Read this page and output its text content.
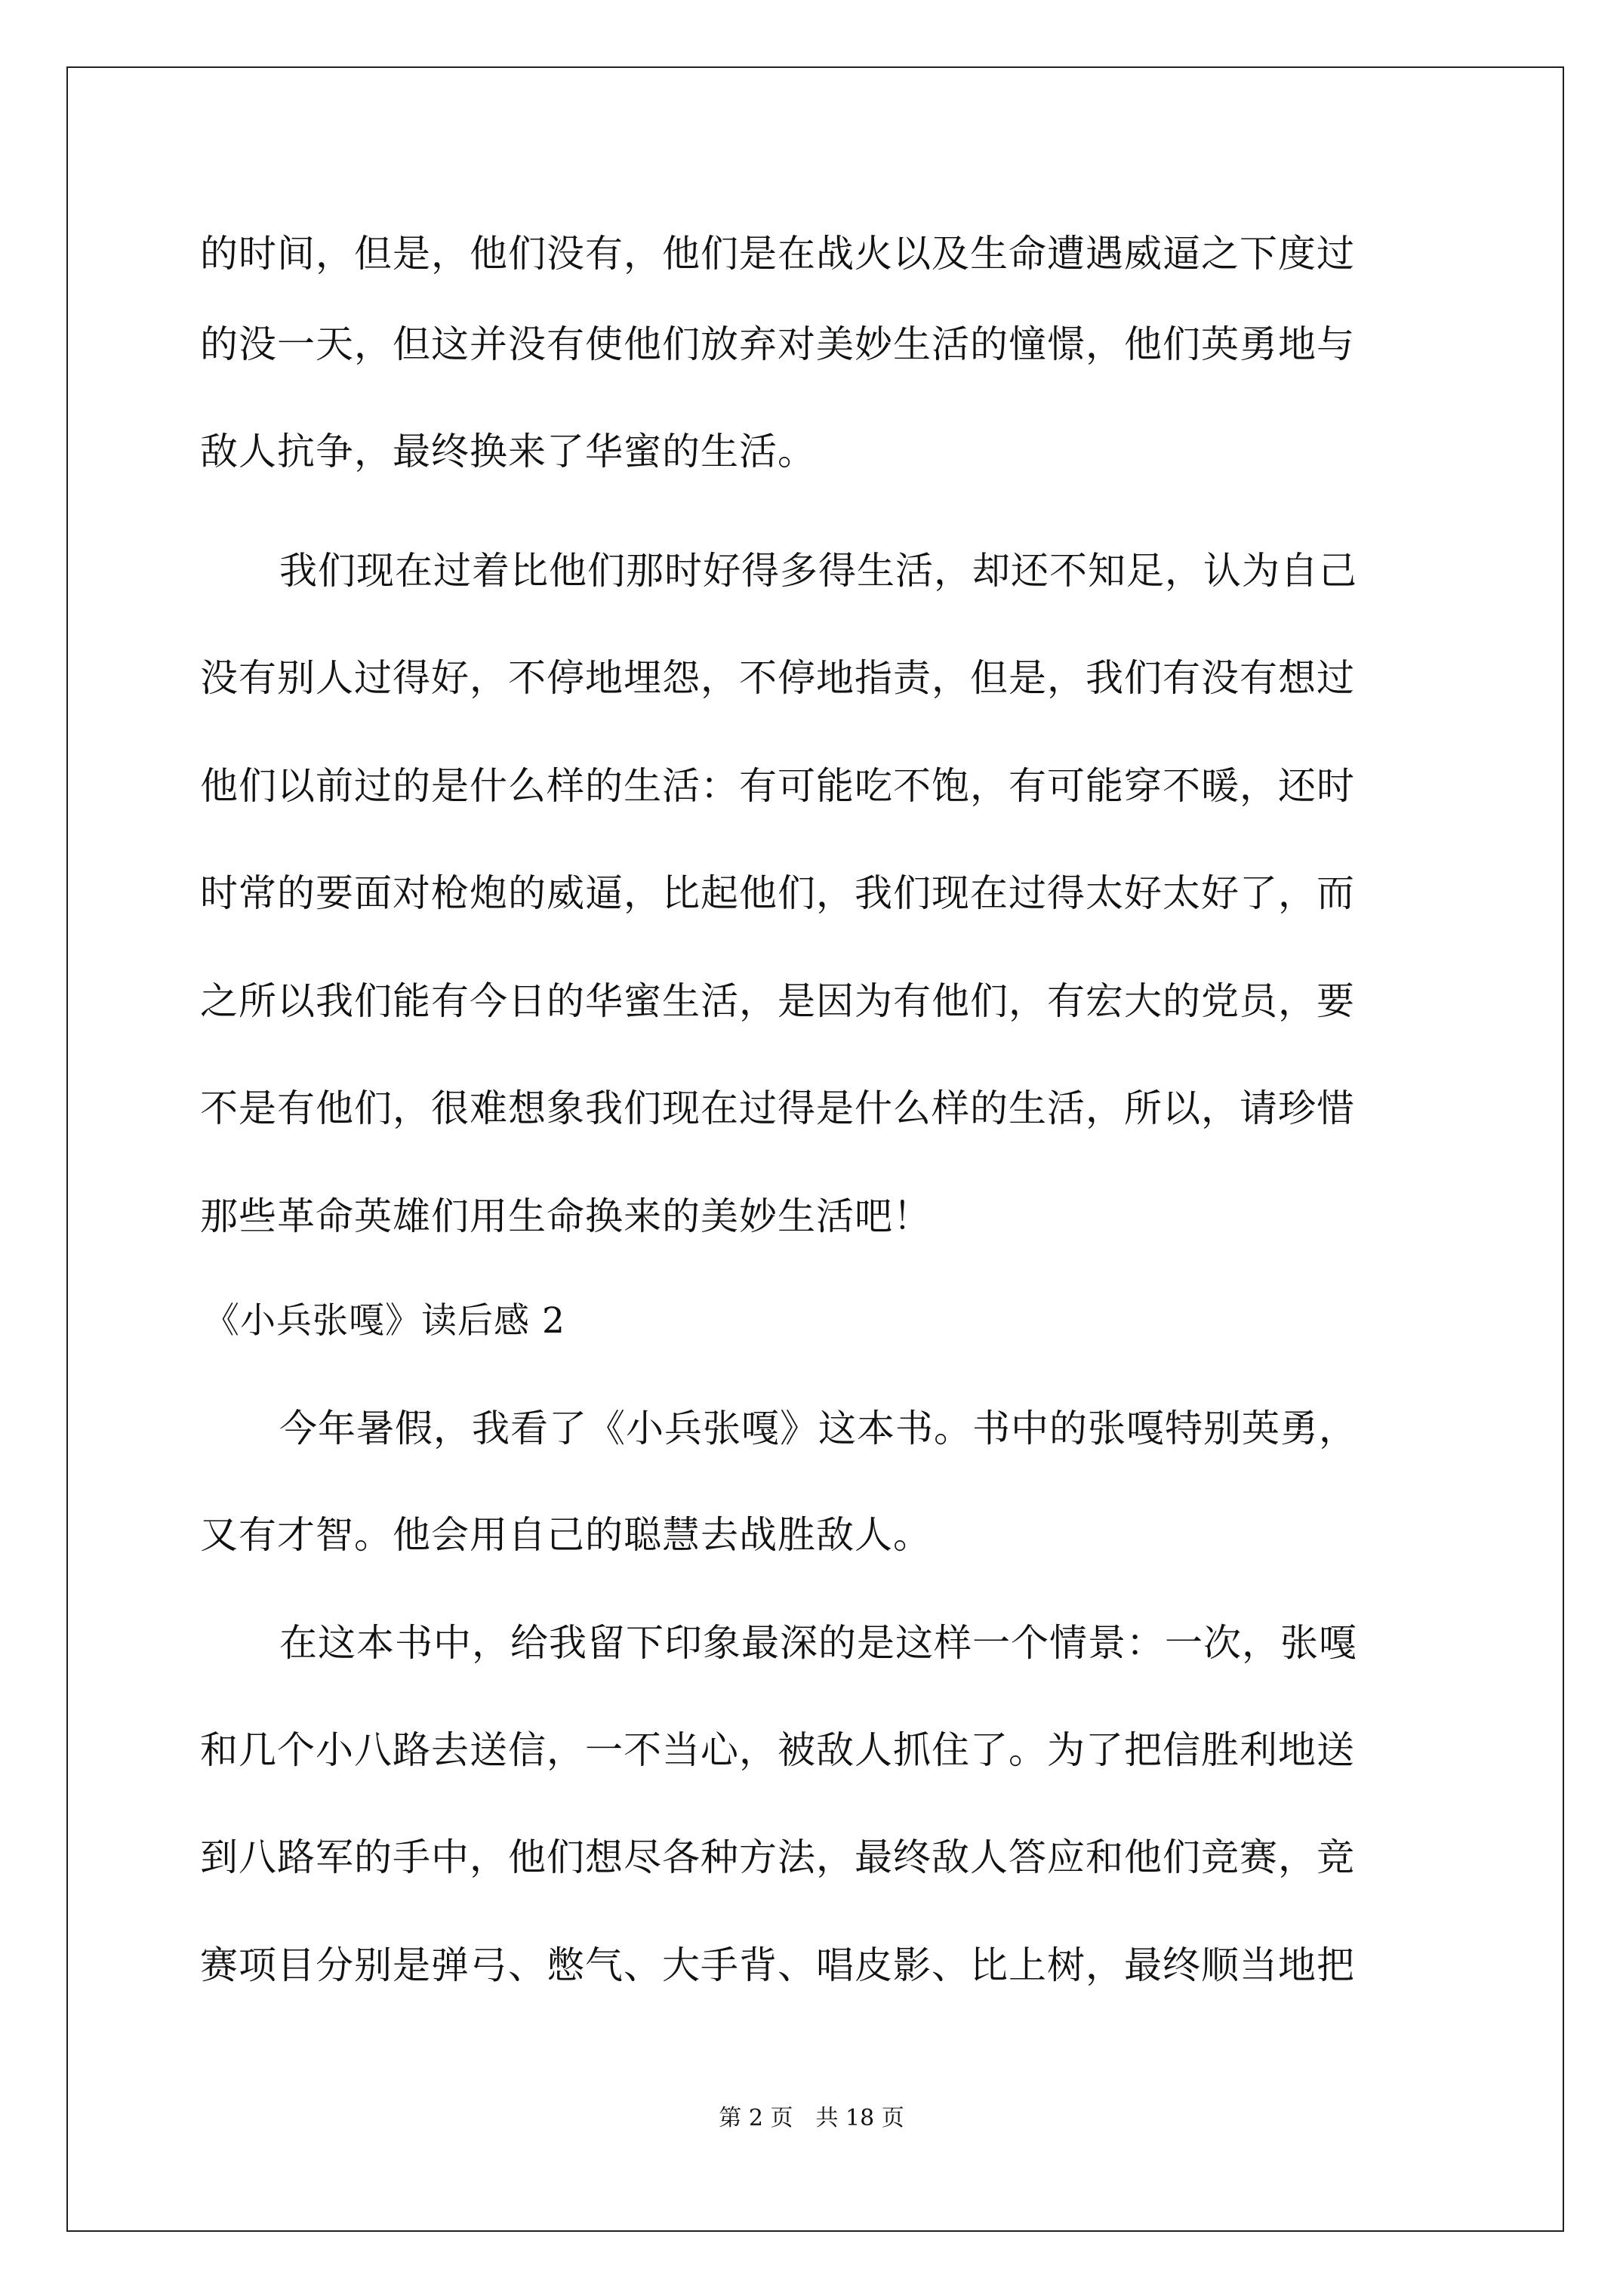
的时间，但是，他们没有，他们是在战火以及生命遭遇威逼之下度过
的没一天，但这并没有使他们放弃对美妙生活的憧憬，他们英勇地与
敌人抗争，最终换来了华蜜的生活。
我们现在过着比他们那时好得多得生活，却还不知足，认为自己
没有别人过得好，不停地埋怨，不停地指责，但是，我们有没有想过
他们以前过的是什么样的生活：有可能吃不饱，有可能穿不暖，还时
时常的要面对枪炮的威逼，比起他们，我们现在过得太好太好了，而
之所以我们能有今日的华蜜生活，是因为有他们，有宏大的党员，要
不是有他们，很难想象我们现在过得是什么样的生活，所以，请珍惜
那些革命英雄们用生命换来的美妙生活吧！
《小兵张嘎》读后感 2
今年暑假，我看了《小兵张嘎》这本书。书中的张嘎特别英勇，
又有才智。他会用自己的聪慧去战胜敌人。
在这本书中，给我留下印象最深的是这样一个情景：一次，张嘎
和几个小八路去送信，一不当心，被敌人抓住了。为了把信胜利地送
到八路军的手中，他们想尽各种方法，最终敌人答应和他们竞赛，竞
赛项目分别是弹弓、憋气、大手背、唱皮影、比上树，最终顺当地把
第 2 页　共 18 页
